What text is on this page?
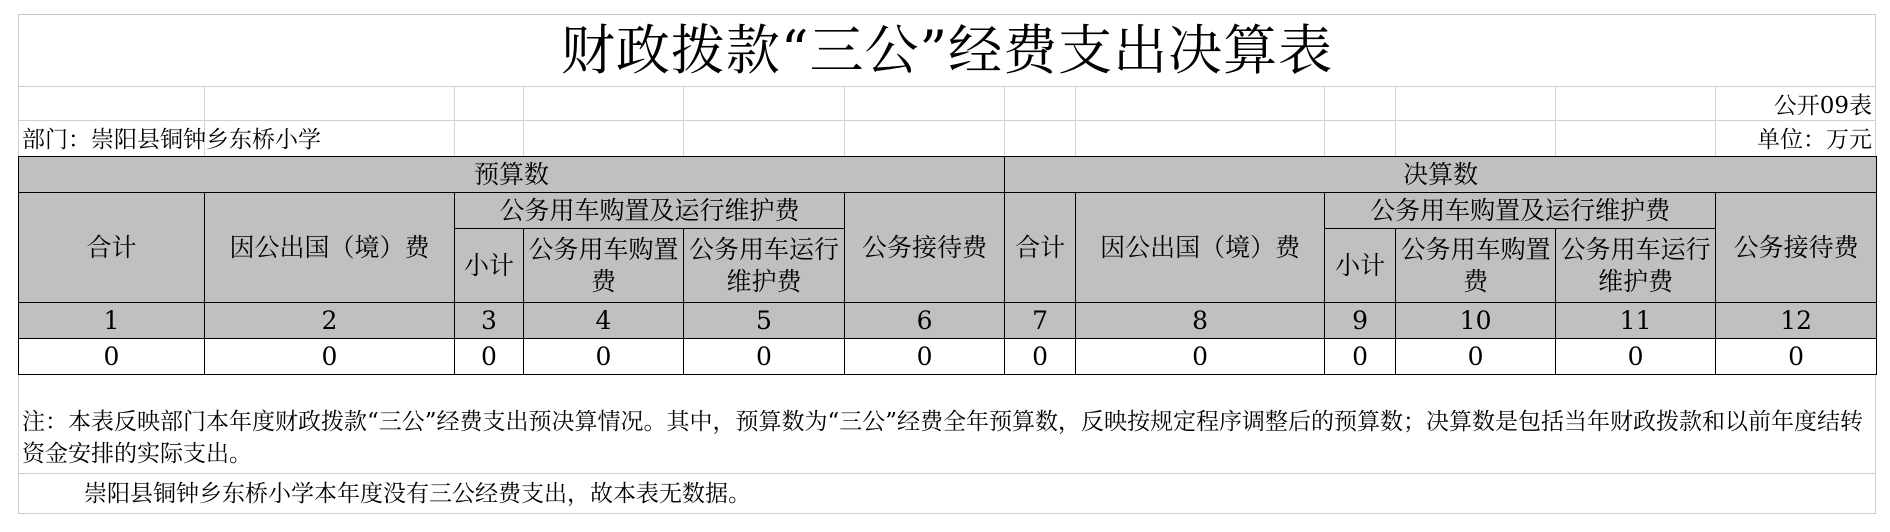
财政拨款“三公”经费支出决算表
公开09表
部门：崇阳县铜钟乡东桥小学	单位：万元
预算数						决算数					
合计	因公出国（境）费	公务用车购置及运行维护费			公务接待费	合计	因公出国（境）费	公务用车购置及运行维护费			公务接待费
		小计	公务用车购置费	公务用车运行维护费				小计	公务用车购置费	公务用车运行维护费	
1	2	3	4	5	6	7	8	9	10	11	12
0	0	0	0	0	0	0	0	0	0	0	0
注：本表反映部门本年度财政拨款“三公”经费支出预决算情况。其中，预算数为“三公”经费全年预算数，反映按规定程序调整后的预算数；决算数是包括当年财政拨款和以前年度结转资金安排的实际支出。
崇阳县铜钟乡东桥小学本年度没有三公经费支出，故本表无数据。
